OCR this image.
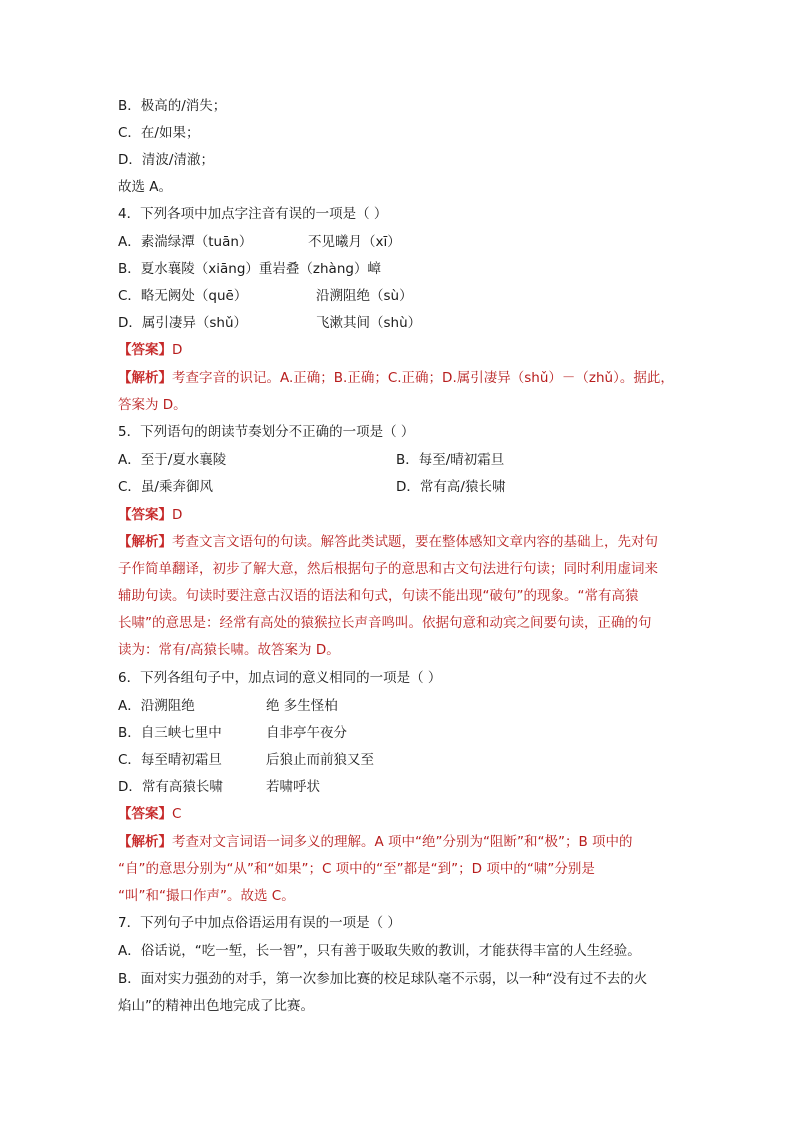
B．极高的/消失；
C．在/如果；
D．清波/清澈；
故选 A。
4．下列各项中加点字注音有误的一项是（ ）
A．素湍绿潭（tuān）	不见曦月（xī）
B．夏水襄陵（xiāng）重岩叠（zhàng）嶂
C．略无阙处（quē）	沿溯阻绝（sù）
D．属引凄异（shǔ）	飞漱其间（shù）
【答案】D
【解析】考查字音的识记。A.正确；B.正确；C.正确；D.属引凄异（shǔ）－（zhǔ）。据此，
答案为 D。
5．下列语句的朗读节奏划分不正确的一项是（ ）
A．至于/夏水襄陵	B．每至/晴初霜旦
C．虽/乘奔御风	D．常有高/猿长啸
【答案】D
【解析】考查文言文语句的句读。解答此类试题，要在整体感知文章内容的基础上，先对句
子作简单翻译，初步了解大意，然后根据句子的意思和古文句法进行句读；同时利用虚词来
辅助句读。句读时要注意古汉语的语法和句式，句读不能出现“破句”的现象。“常有高猿
长啸”的意思是：经常有高处的猿猴拉长声音鸣叫。依据句意和动宾之间要句读，正确的句
读为：常有/高猿长啸。故答案为 D。
6．下列各组句子中，加点词的意义相同的一项是（ ）
A．沿溯阻绝	绝 多生怪柏
B．自三峡七里中	自非亭午夜分
C．每至晴初霜旦	后狼止而前狼又至
D．常有高猿长啸	若啸呼状
【答案】C
【解析】考查对文言词语一词多义的理解。A 项中“绝”分别为“阻断”和“极”；B 项中的
“自”的意思分别为“从”和“如果”；C 项中的“至”都是“到”；D 项中的“啸”分别是
“叫”和“撮口作声”。故选 C。
7．下列句子中加点俗语运用有误的一项是（ ）
A．俗话说，“吃一堑，长一智”，只有善于吸取失败的教训，才能获得丰富的人生经验。
B．面对实力强劲的对手，第一次参加比赛的校足球队毫不示弱，以一种“没有过不去的火
焰山”的精神出色地完成了比赛。
